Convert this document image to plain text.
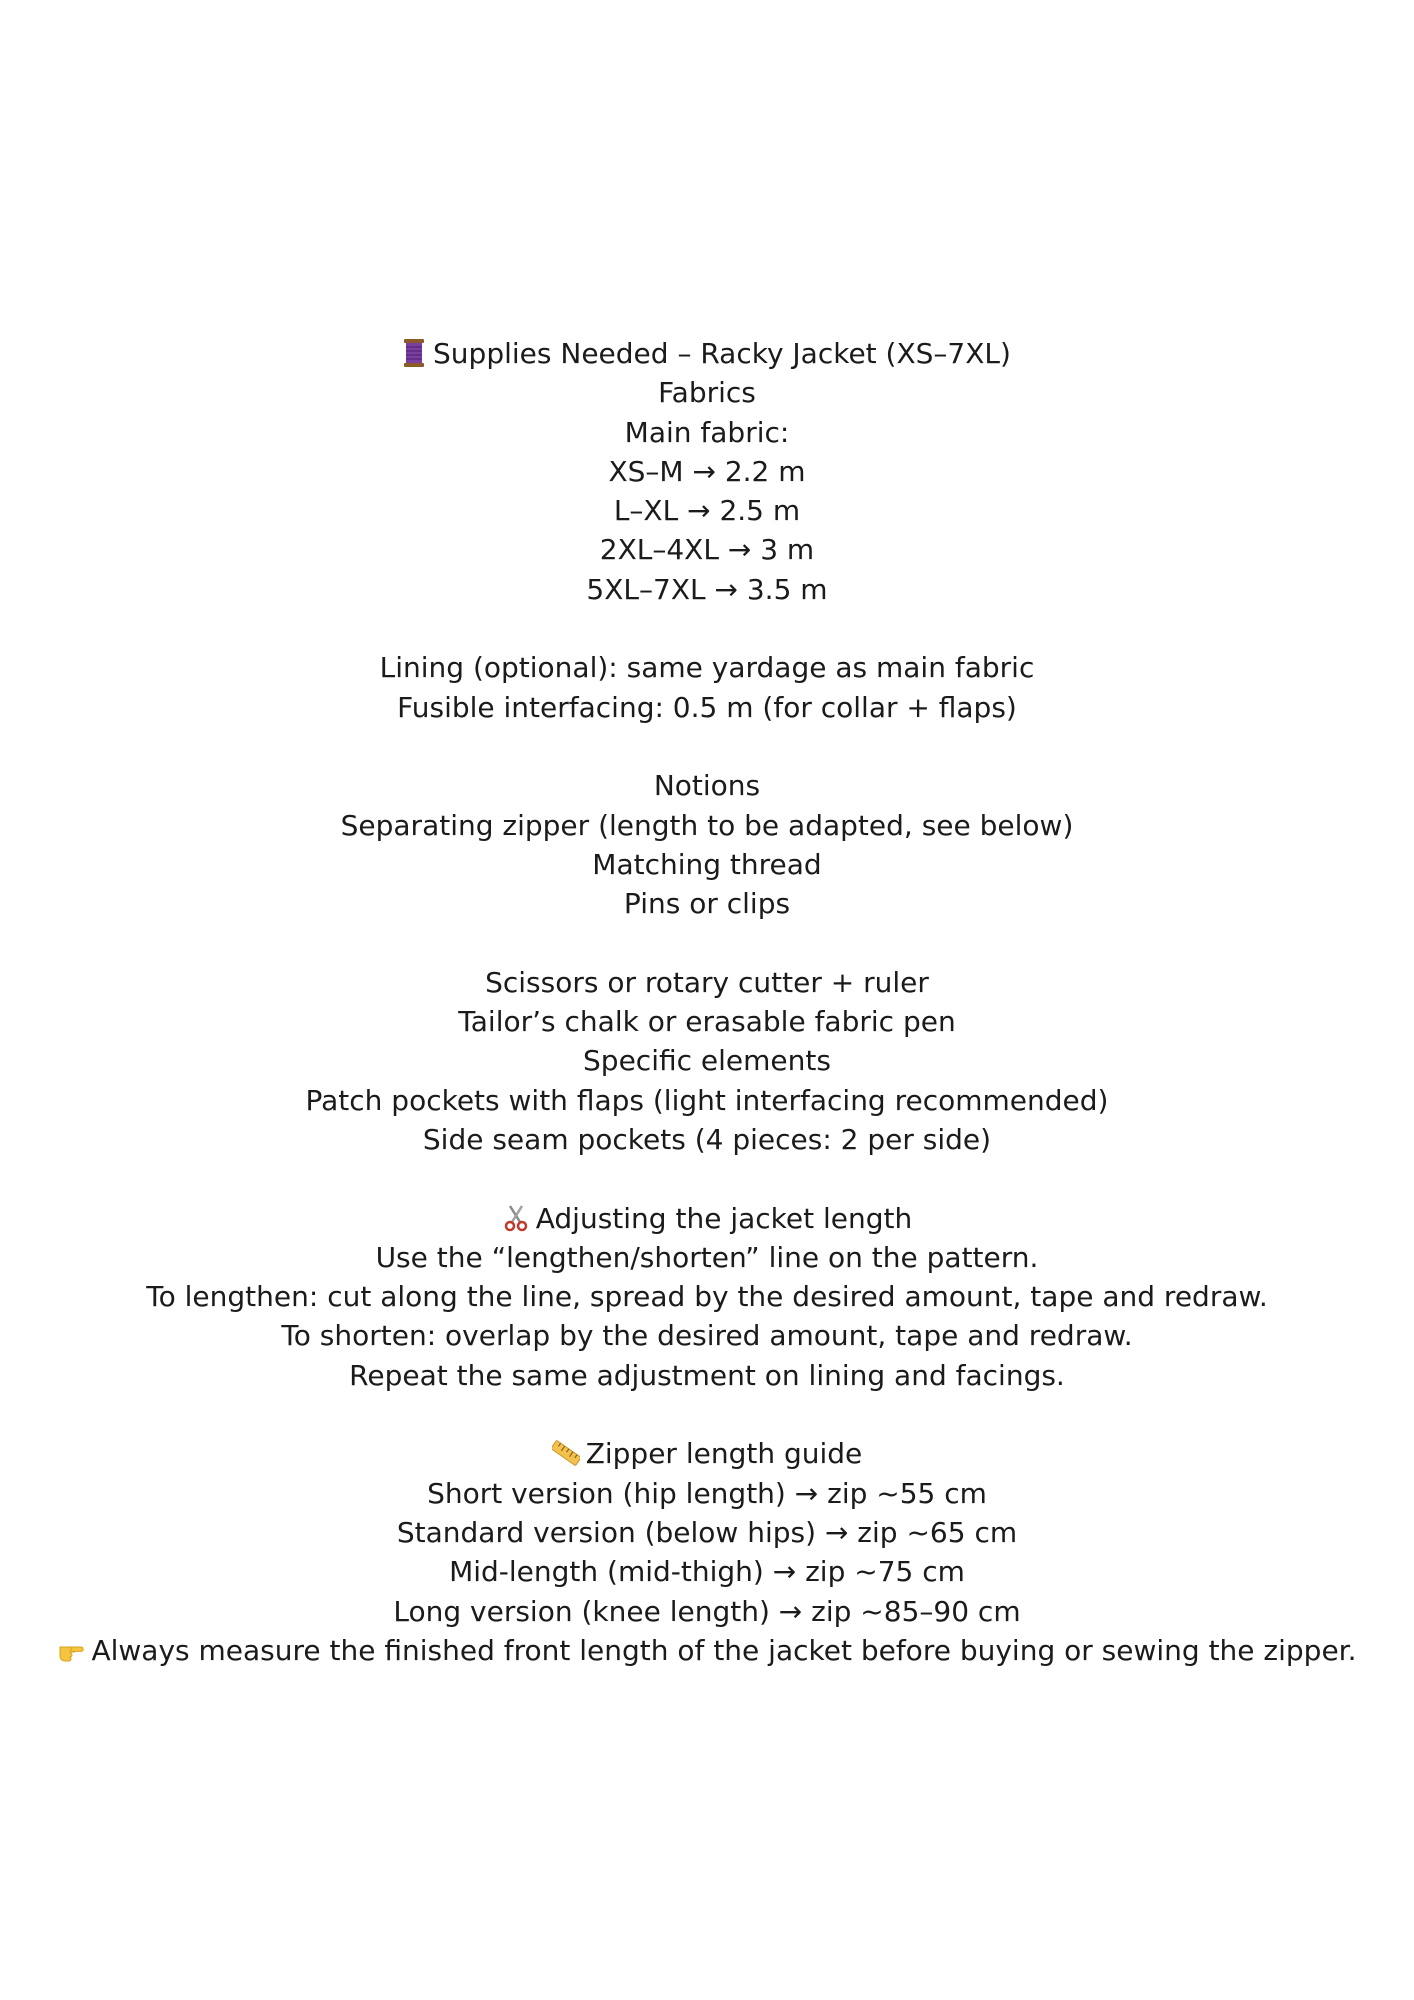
Supplies Needed – Racky Jacket (XS–7XL)
Fabrics
Main fabric:
XS–M → 2.2 m
L–XL → 2.5 m
2XL–4XL → 3 m
5XL–7XL → 3.5 m
Lining (optional): same yardage as main fabric
Fusible interfacing: 0.5 m (for collar + flaps)
Notions
Separating zipper (length to be adapted, see below)
Matching thread
Pins or clips
Scissors or rotary cutter + ruler
Tailor’s chalk or erasable fabric pen
Specific elements
Patch pockets with flaps (light interfacing recommended)
Side seam pockets (4 pieces: 2 per side)
Adjusting the jacket length
Use the “lengthen/shorten” line on the pattern.
To lengthen: cut along the line, spread by the desired amount, tape and redraw.
To shorten: overlap by the desired amount, tape and redraw.
Repeat the same adjustment on lining and facings.
Zipper length guide
Short version (hip length) → zip ~55 cm
Standard version (below hips) → zip ~65 cm
Mid-length (mid-thigh) → zip ~75 cm
Long version (knee length) → zip ~85–90 cm
Always measure the finished front length of the jacket before buying or sewing the zipper.
